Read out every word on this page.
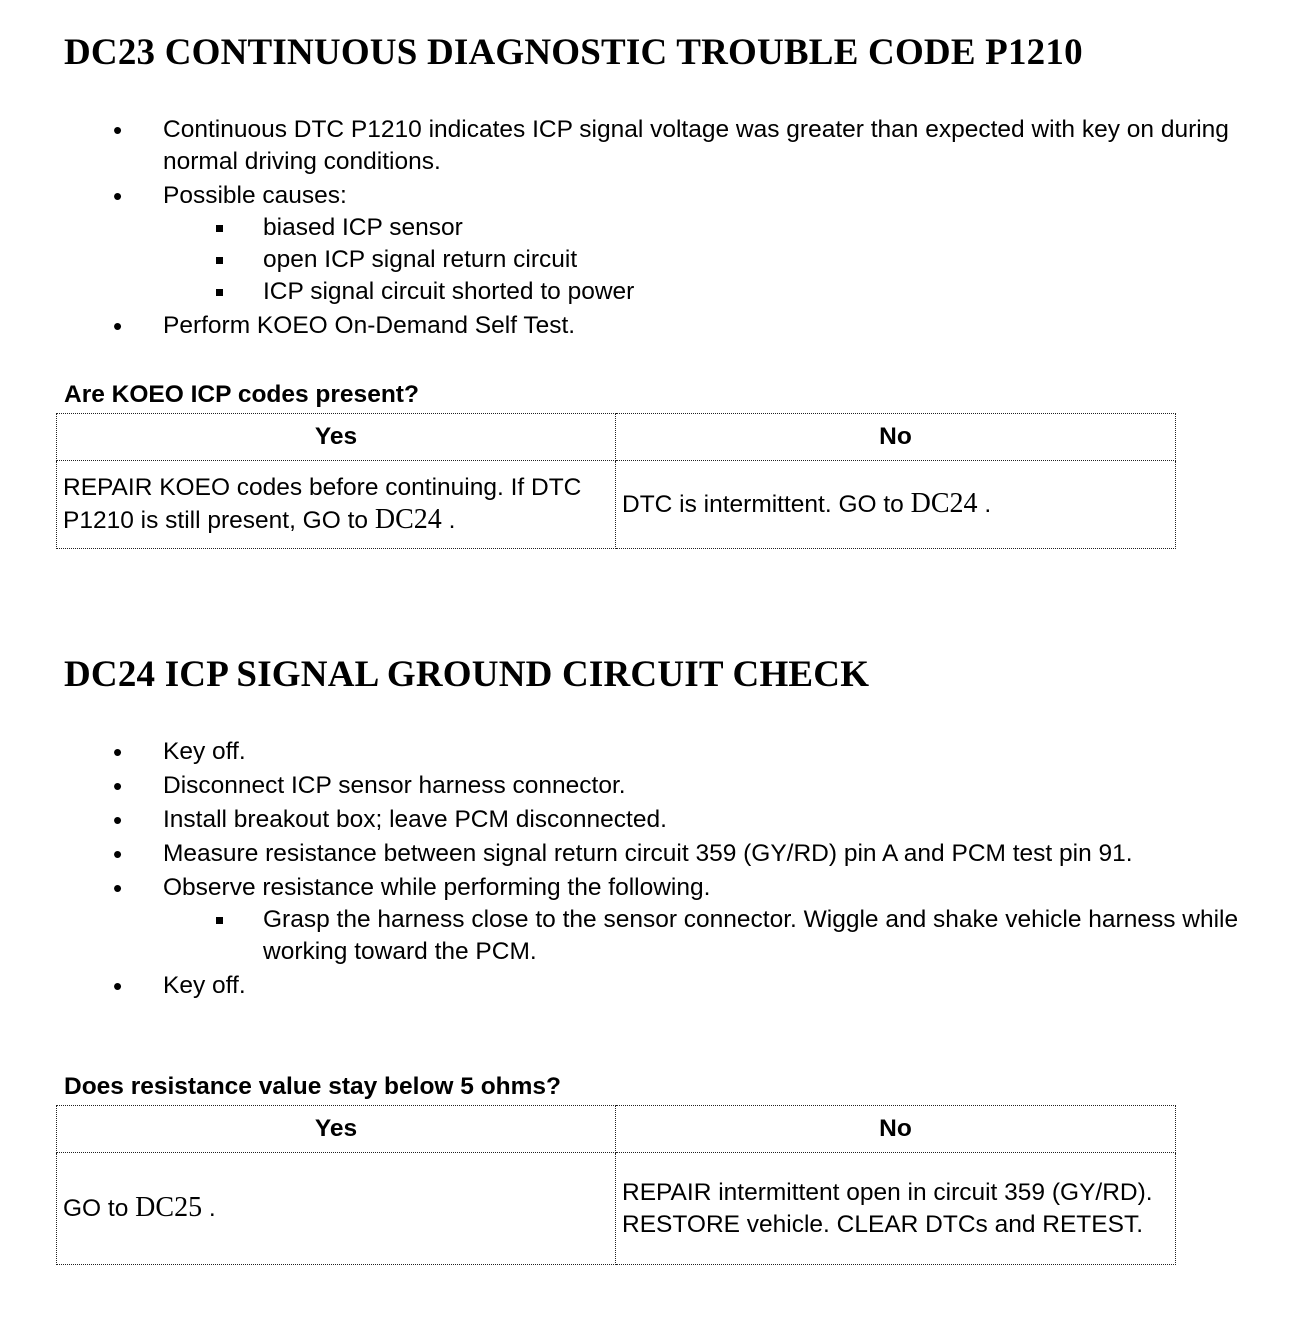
DC23 CONTINUOUS DIAGNOSTIC TROUBLE CODE P1210
• Continuous DTC P1210 indicates ICP signal voltage was greater than expected with key on during normal driving conditions.
• Possible causes:
biased ICP sensor
open ICP signal return circuit
ICP signal circuit shorted to power
• Perform KOEO On-Demand Self Test.

Are KOEO ICP codes present?

Yes	No
REPAIR KOEO codes before continuing. If DTC P1210 is still present, GO to DC24 .	DTC is intermittent. GO to DC24 .
DC24 ICP SIGNAL GROUND CIRCUIT CHECK
• Key off.
• Disconnect ICP sensor harness connector.
• Install breakout box; leave PCM disconnected.
• Measure resistance between signal return circuit 359 (GY/RD) pin A and PCM test pin 91.
• Observe resistance while performing the following.
Grasp the harness close to the sensor connector. Wiggle and shake vehicle harness while working toward the PCM.
• Key off.

Does resistance value stay below 5 ohms?

Yes	No
GO to DC25 .	REPAIR intermittent open in circuit 359 (GY/RD). RESTORE vehicle. CLEAR DTCs and RETEST.
